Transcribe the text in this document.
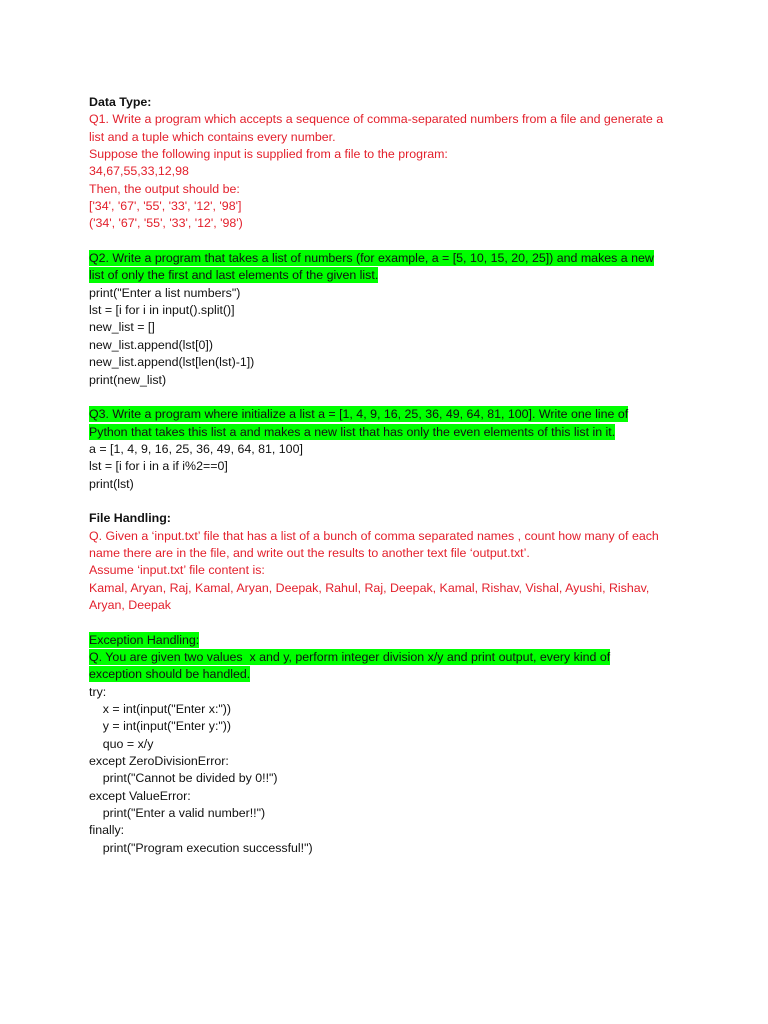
Data Type:
Q1. Write a program which accepts a sequence of comma-separated numbers from a file and generate a
list and a tuple which contains every number.
Suppose the following input is supplied from a file to the program:
34,67,55,33,12,98
Then, the output should be:
['34', '67', '55', '33', '12', '98']
('34', '67', '55', '33', '12', '98')
Q2. Write a program that takes a list of numbers (for example, a = [5, 10, 15, 20, 25]) and makes a new
list of only the first and last elements of the given list.
print("Enter a list numbers")
lst = [i for i in input().split()]
new_list = []
new_list.append(lst[0])
new_list.append(lst[len(lst)-1])
print(new_list)
Q3. Write a program where initialize a list a = [1, 4, 9, 16, 25, 36, 49, 64, 81, 100]. Write one line of
Python that takes this list a and makes a new list that has only the even elements of this list in it.
a = [1, 4, 9, 16, 25, 36, 49, 64, 81, 100]
lst = [i for i in a if i%2==0]
print(lst)
File Handling:
Q. Given a ‘input.txt’ file that has a list of a bunch of comma separated names , count how many of each
name there are in the file, and write out the results to another text file ‘output.txt’.
Assume ‘input.txt’ file content is:
Kamal, Aryan, Raj, Kamal, Aryan, Deepak, Rahul, Raj, Deepak, Kamal, Rishav, Vishal, Ayushi, Rishav,
Aryan, Deepak
Exception Handling:
Q. You are given two values  x and y, perform integer division x/y and print output, every kind of
exception should be handled.
try:
x = int(input("Enter x:"))
y = int(input("Enter y:"))
quo = x/y
except ZeroDivisionError:
print("Cannot be divided by 0!!")
except ValueError:
print("Enter a valid number!!")
finally:
print("Program execution successful!")
